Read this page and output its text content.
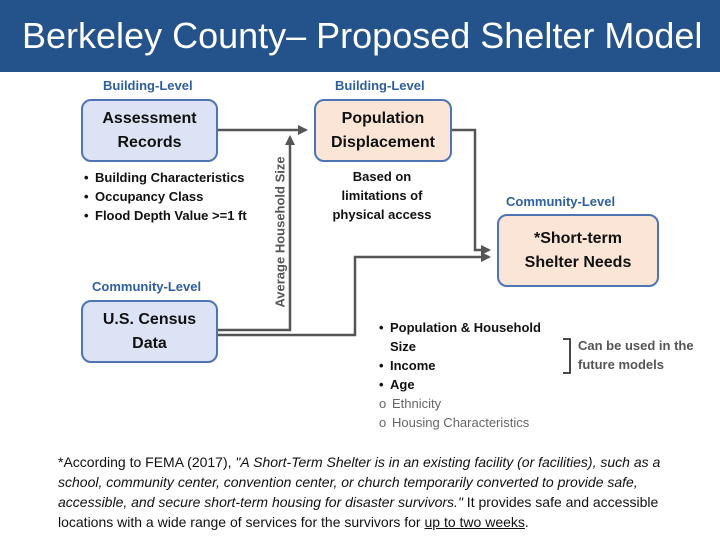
Berkeley County– Proposed Shelter Model
Building-Level	Building-Level
Community-Level
Community-Level
Assessment
Records
Population
Displacement
*Short-term
Shelter Needs
U.S. Census
Data
• Building Characteristics
• Occupancy Class
• Flood Depth Value >=1 ft
Based on
limitations of
physical access
Average Household Size
• Population & Household Size
• Income
• Age
o Ethnicity
o Housing Characteristics
Can be used in the future models
*According to FEMA (2017), "A Short-Term Shelter is in an existing facility (or facilities), such as a school, community center, convention center, or church temporarily converted to provide safe, accessible, and secure short-term housing for disaster survivors." It provides safe and accessible locations with a wide range of services for the survivors for up to two weeks.
